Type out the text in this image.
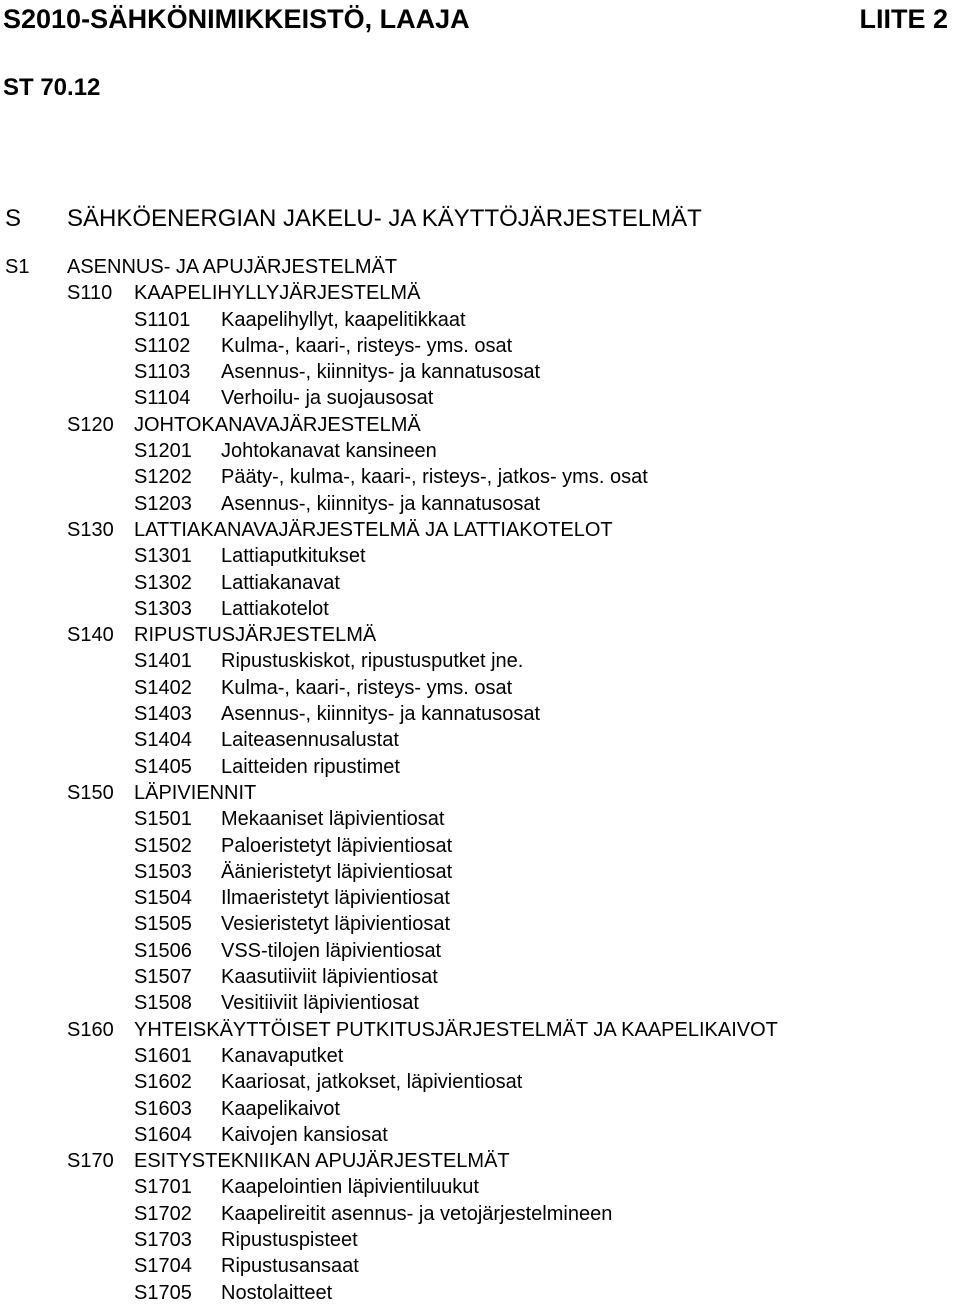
S2010-SÄHKÖNIMIKKEISTÖ, LAAJA	LIITE 2
ST 70.12
S SÄHKÖENERGIAN JAKELU- JA KÄYTTÖJÄRJESTELMÄT
S1 ASENNUS- JA APUJÄRJESTELMÄT
S110 KAAPELIHYLLYJÄRJESTELMÄ
S1101 Kaapelihyllyt, kaapelitikkaat
S1102 Kulma-, kaari-, risteys- yms. osat
S1103 Asennus-, kiinnitys- ja kannatusosat
S1104 Verhoilu- ja suojausosat
S120 JOHTOKANAVAJÄRJESTELMÄ
S1201 Johtokanavat kansineen
S1202 Pääty-, kulma-, kaari-, risteys-, jatkos- yms. osat
S1203 Asennus-, kiinnitys- ja kannatusosat
S130 LATTIAKANAVAJÄRJESTELMÄ JA LATTIAKOTELOT
S1301 Lattiaputkitukset
S1302 Lattiakanavat
S1303 Lattiakotelot
S140 RIPUSTUSJÄRJESTELMÄ
S1401 Ripustuskiskot, ripustusputket jne.
S1402 Kulma-, kaari-, risteys- yms. osat
S1403 Asennus-, kiinnitys- ja kannatusosat
S1404 Laiteasennusalustat
S1405 Laitteiden ripustimet
S150 LÄPIVIENNIT
S1501 Mekaaniset läpivientiosat
S1502 Paloeristetyt läpivientiosat
S1503 Äänieristetyt läpivientiosat
S1504 Ilmaeristetyt läpivientiosat
S1505 Vesieristetyt läpivientiosat
S1506 VSS-tilojen läpivientiosat
S1507 Kaasutiiviit läpivientiosat
S1508 Vesitiiviit läpivientiosat
S160 YHTEISKÄYTTÖISET PUTKITUSJÄRJESTELMÄT JA KAAPELIKAIVOT
S1601 Kanavaputket
S1602 Kaariosat, jatkokset, läpivientiosat
S1603 Kaapelikaivot
S1604 Kaivojen kansiosat
S170 ESITYSTEKNIIKAN APUJÄRJESTELMÄT
S1701 Kaapelointien läpivientiluukut
S1702 Kaapelireitit asennus- ja vetojärjestelmineen
S1703 Ripustuspisteet
S1704 Ripustusansaat
S1705 Nostolaitteet
